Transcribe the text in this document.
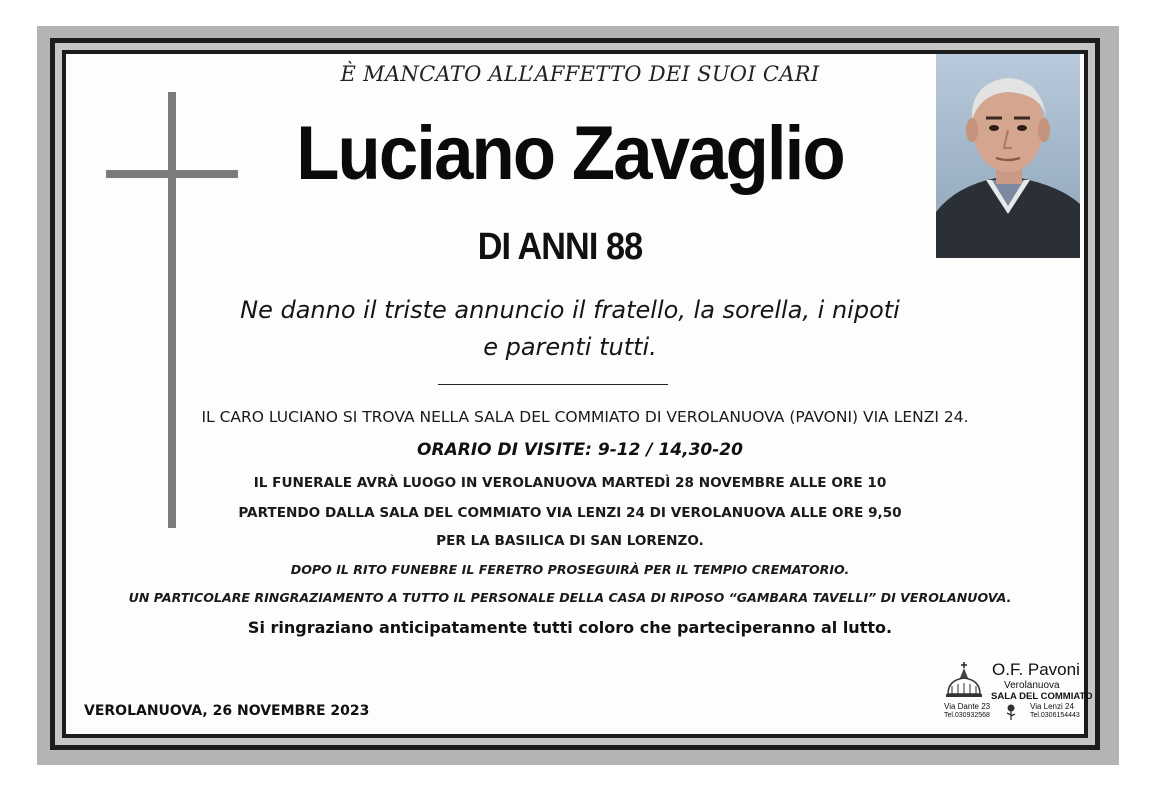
È MANCATO ALL’AFFETTO DEI SUOI CARI
Luciano Zavaglio
DI ANNI 88
Ne danno il triste annuncio il fratello, la sorella, i nipoti
e parenti tutti.
IL CARO LUCIANO SI TROVA NELLA SALA DEL COMMIATO DI VEROLANUOVA (PAVONI) VIA LENZI 24.
ORARIO DI VISITE: 9-12 / 14,30-20
IL FUNERALE AVRÀ LUOGO IN VEROLANUOVA MARTEDÌ 28 NOVEMBRE ALLE ORE 10
PARTENDO DALLA SALA DEL COMMIATO VIA LENZI 24 DI VEROLANUOVA ALLE ORE 9,50
PER LA BASILICA DI SAN LORENZO.
DOPO IL RITO FUNEBRE IL FERETRO PROSEGUIRÀ PER IL TEMPIO CREMATORIO.
UN PARTICOLARE RINGRAZIAMENTO A TUTTO IL PERSONALE DELLA CASA DI RIPOSO “GAMBARA TAVELLI” DI VEROLANUOVA.
Si ringraziano anticipatamente tutti coloro che parteciperanno al lutto.
VEROLANUOVA, 26 NOVEMBRE 2023
O.F. Pavoni
Verolanuova
SALA DEL COMMIATO
Via Dante 23
Tel.030932568
Via Lenzi 24
Tel.0306154443
